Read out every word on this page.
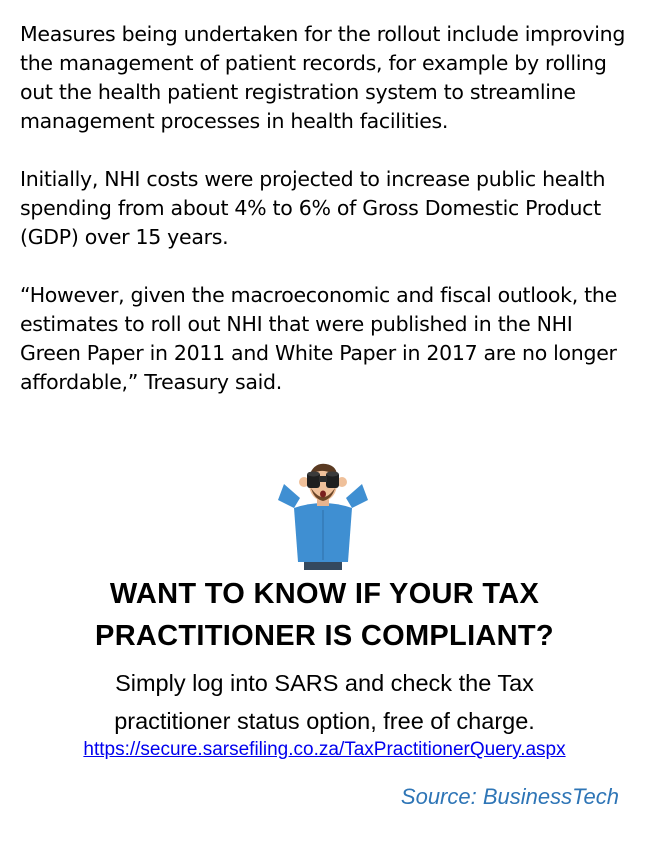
Measures being undertaken for the rollout include improving the management of patient records, for example by rolling out the health patient registration system to streamline management processes in health facilities.

Initially, NHI costs were projected to increase public health spending from about 4% to 6% of Gross Domestic Product (GDP) over 15 years.

“However, given the macroeconomic and fiscal outlook, the estimates to roll out NHI that were published in the NHI Green Paper in 2011 and White Paper in 2017 are no longer affordable,” Treasury said.

WANT TO KNOW IF YOUR TAX
PRACTITIONER IS COMPLIANT?
Simply log into SARS and check the Tax
practitioner status option, free of charge.
https://secure.sarsefiling.co.za/TaxPractitionerQuery.aspx
Source: BusinessTech
